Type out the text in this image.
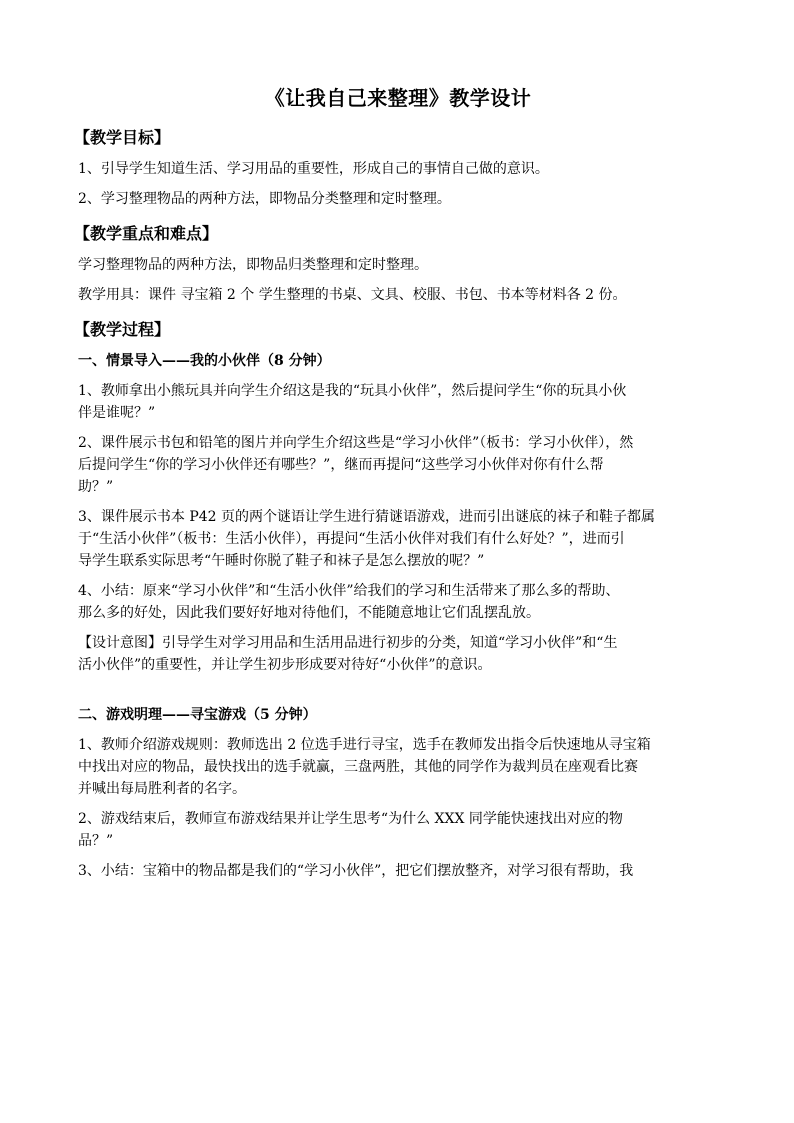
《让我自己来整理》教学设计
【教学目标】
1、引导学生知道生活、学习用品的重要性，形成自己的事情自己做的意识。
2、学习整理物品的两种方法，即物品分类整理和定时整理。
【教学重点和难点】
学习整理物品的两种方法，即物品归类整理和定时整理。
教学用具：课件 寻宝箱 2 个 学生整理的书桌、文具、校服、书包、书本等材料各 2 份。
【教学过程】
一、情景导入——我的小伙伴（8 分钟）
1、教师拿出小熊玩具并向学生介绍这是我的“玩具小伙伴”，然后提问学生“你的玩具小伙
伴是谁呢？”
2、课件展示书包和铅笔的图片并向学生介绍这些是“学习小伙伴”（板书：学习小伙伴），然
后提问学生“你的学习小伙伴还有哪些？”，继而再提问“这些学习小伙伴对你有什么帮
助？”
3、课件展示书本 P42 页的两个谜语让学生进行猜谜语游戏，进而引出谜底的袜子和鞋子都属
于“生活小伙伴”（板书：生活小伙伴），再提问“生活小伙伴对我们有什么好处？”，进而引
导学生联系实际思考“午睡时你脱了鞋子和袜子是怎么摆放的呢？”
4、小结：原来“学习小伙伴”和“生活小伙伴”给我们的学习和生活带来了那么多的帮助、
那么多的好处，因此我们要好好地对待他们，不能随意地让它们乱摆乱放。
【设计意图】引导学生对学习用品和生活用品进行初步的分类，知道“学习小伙伴”和“生
活小伙伴”的重要性，并让学生初步形成要对待好“小伙伴”的意识。
二、游戏明理——寻宝游戏（5 分钟）
1、教师介绍游戏规则：教师选出 2 位选手进行寻宝，选手在教师发出指令后快速地从寻宝箱
中找出对应的物品，最快找出的选手就赢，三盘两胜，其他的同学作为裁判员在座观看比赛
并喊出每局胜利者的名字。
2、游戏结束后，教师宣布游戏结果并让学生思考“为什么 XXX 同学能快速找出对应的物
品？”
3、小结：宝箱中的物品都是我们的“学习小伙伴”，把它们摆放整齐，对学习很有帮助，我
